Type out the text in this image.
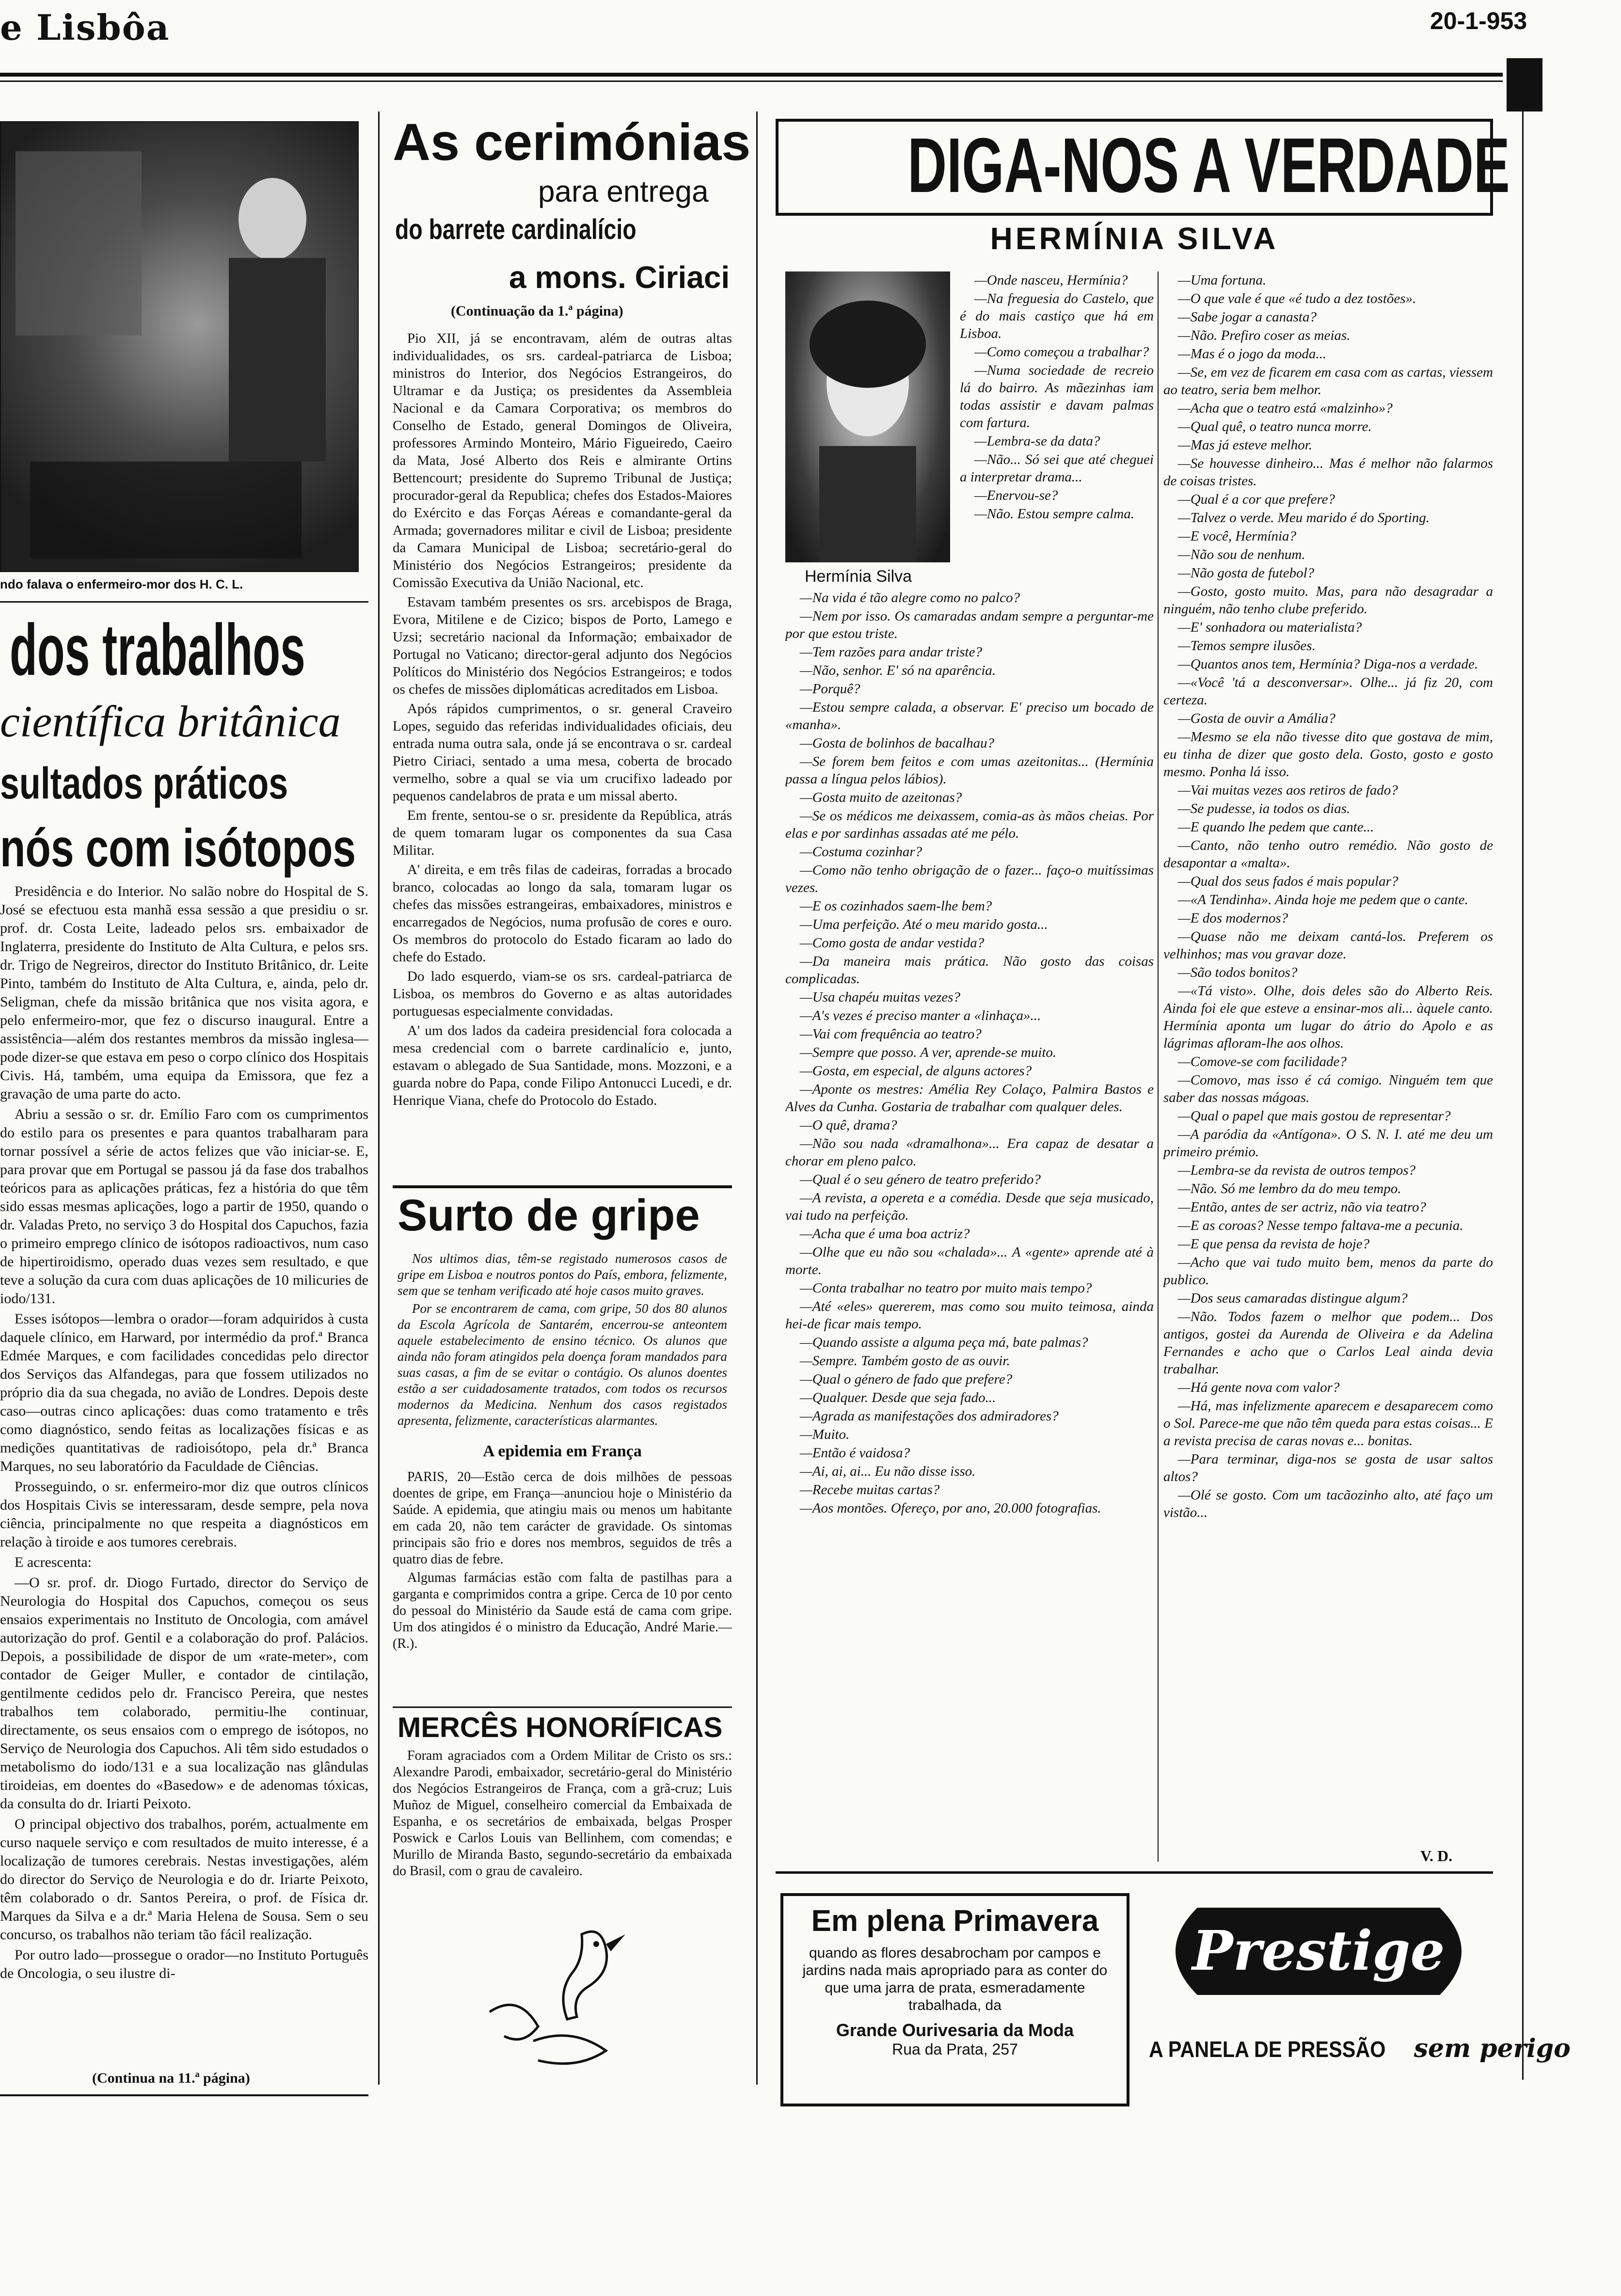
e Lisbôa	20-1-953
ndo falava o enfermeiro-mor dos H. C. L.
dos trabalhos
científica britânica
sultados práticos
nós com isótopos

Presidência e do Interior. No salão nobre do Hospital de S. José se efectuou esta manhã essa sessão a que presidiu o sr. prof. dr. Costa Leite, ladeado pelos srs. embaixador de Inglaterra, presidente do Instituto de Alta Cultura, e pelos srs. dr. Trigo de Negreiros, director do Instituto Britânico, dr. Leite Pinto, também do Instituto de Alta Cultura, e, ainda, pelo dr. Seligman, chefe da missão britânica que nos visita agora, e pelo enfermeiro-mor, que fez o discurso inaugural. Entre a assistência—além dos restantes membros da missão inglesa—pode dizer-se que estava em peso o corpo clínico dos Hospitais Civis. Há, também, uma equipa da Emissora, que fez a gravação de uma parte do acto.

Abriu a sessão o sr. dr. Emílio Faro com os cumprimentos do estilo para os presentes e para quantos trabalharam para tornar possível a série de actos felizes que vão iniciar-se. E, para provar que em Portugal se passou já da fase dos trabalhos teóricos para as aplicações práticas, fez a história do que têm sido essas mesmas aplicações, logo a partir de 1950, quando o dr. Valadas Preto, no serviço 3 do Hospital dos Capuchos, fazia o primeiro emprego clínico de isótopos radioactivos, num caso de hipertiroidismo, operado duas vezes sem resultado, e que teve a solução da cura com duas aplicações de 10 milicuries de iodo/131.

Esses isótopos—lembra o orador—foram adquiridos à custa daquele clínico, em Harward, por intermédio da prof.ª Branca Edmée Marques, e com facilidades concedidas pelo director dos Serviços das Alfandegas, para que fossem utilizados no próprio dia da sua chegada, no avião de Londres. Depois deste caso—outras cinco aplicações: duas como tratamento e três como diagnóstico, sendo feitas as localizações físicas e as medições quantitativas de radioisótopo, pela dr.ª Branca Marques, no seu laboratório da Faculdade de Ciências.

Prosseguindo, o sr. enfermeiro-mor diz que outros clínicos dos Hospitais Civis se interessaram, desde sempre, pela nova ciência, principalmente no que respeita a diagnósticos em relação à tiroide e aos tumores cerebrais.

E acrescenta:

—O sr. prof. dr. Diogo Furtado, director do Serviço de Neurologia do Hospital dos Capuchos, começou os seus ensaios experimentais no Instituto de Oncologia, com amável autorização do prof. Gentil e a colaboração do prof. Palácios. Depois, a possibilidade de dispor de um «rate-meter», com contador de Geiger Muller, e contador de cintilação, gentilmente cedidos pelo dr. Francisco Pereira, que nestes trabalhos tem colaborado, permitiu-lhe continuar, directamente, os seus ensaios com o emprego de isótopos, no Serviço de Neurologia dos Capuchos. Ali têm sido estudados o metabolismo do iodo/131 e a sua localização nas glândulas tiroideias, em doentes do «Basedow» e de adenomas tóxicas, da consulta do dr. Iriarti Peixoto.

O principal objectivo dos trabalhos, porém, actualmente em curso naquele serviço e com resultados de muito interesse, é a localização de tumores cerebrais. Nestas investigações, além do director do Serviço de Neurologia e do dr. Iriarte Peixoto, têm colaborado o dr. Santos Pereira, o prof. de Física dr. Marques da Silva e a dr.ª Maria Helena de Sousa. Sem o seu concurso, os trabalhos não teriam tão fácil realização.

Por outro lado—prossegue o orador—no Instituto Português de Oncologia, o seu ilustre di-

(Continua na 11.ª página)
As cerimónias
para entrega
do barrete cardinalício
a mons. Ciriaci
(Continuação da 1.ª página)

Pio XII, já se encontravam, além de outras altas individualidades, os srs. cardeal-patriarca de Lisboa; ministros do Interior, dos Negócios Estrangeiros, do Ultramar e da Justiça; os presidentes da Assembleia Nacional e da Camara Corporativa; os membros do Conselho de Estado, general Domingos de Oliveira, professores Armindo Monteiro, Mário Figueiredo, Caeiro da Mata, José Alberto dos Reis e almirante Ortins Bettencourt; presidente do Supremo Tribunal de Justiça; procurador-geral da Republica; chefes dos Estados-Maiores do Exército e das Forças Aéreas e comandante-geral da Armada; governadores militar e civil de Lisboa; presidente da Camara Municipal de Lisboa; secretário-geral do Ministério dos Negócios Estrangeiros; presidente da Comissão Executiva da União Nacional, etc.

Estavam também presentes os srs. arcebispos de Braga, Evora, Mitilene e de Cizico; bispos de Porto, Lamego e Uzsi; secretário nacional da Informação; embaixador de Portugal no Vaticano; director-geral adjunto dos Negócios Políticos do Ministério dos Negócios Estrangeiros; e todos os chefes de missões diplomáticas acreditados em Lisboa.

Após rápidos cumprimentos, o sr. general Craveiro Lopes, seguido das referidas individualidades oficiais, deu entrada numa outra sala, onde já se encontrava o sr. cardeal Pietro Ciriaci, sentado a uma mesa, coberta de brocado vermelho, sobre a qual se via um crucifixo ladeado por pequenos candelabros de prata e um missal aberto.

Em frente, sentou-se o sr. presidente da República, atrás de quem tomaram lugar os componentes da sua Casa Militar.

A' direita, e em três filas de cadeiras, forradas a brocado branco, colocadas ao longo da sala, tomaram lugar os chefes das missões estrangeiras, embaixadores, ministros e encarregados de Negócios, numa profusão de cores e ouro. Os membros do protocolo do Estado ficaram ao lado do chefe do Estado.

Do lado esquerdo, viam-se os srs. cardeal-patriarca de Lisboa, os membros do Governo e as altas autoridades portuguesas especialmente convidadas.

A' um dos lados da cadeira presidencial fora colocada a mesa credencial com o barrete cardinalício e, junto, estavam o ablegado de Sua Santidade, mons. Mozzoni, e a guarda nobre do Papa, conde Filipo Antonucci Lucedi, e dr. Henrique Viana, chefe do Protocolo do Estado.

Surto de gripe

Nos ultimos dias, têm-se registado numerosos casos de gripe em Lisboa e noutros pontos do País, embora, felizmente, sem que se tenham verificado até hoje casos muito graves.

Por se encontrarem de cama, com gripe, 50 dos 80 alunos da Escola Agrícola de Santarém, encerrou-se anteontem aquele estabelecimento de ensino técnico. Os alunos que ainda não foram atingidos pela doença foram mandados para suas casas, a fim de se evitar o contágio. Os alunos doentes estão a ser cuidadosamente tratados, com todos os recursos modernos da Medicina. Nenhum dos casos registados apresenta, felizmente, características alarmantes.

A epidemia em França

PARIS, 20—Estão cerca de dois milhões de pessoas doentes de gripe, em França—anunciou hoje o Ministério da Saúde. A epidemia, que atingiu mais ou menos um habitante em cada 20, não tem carácter de gravidade. Os sintomas principais são frio e dores nos membros, seguidos de três a quatro dias de febre.

Algumas farmácias estão com falta de pastilhas para a garganta e comprimidos contra a gripe. Cerca de 10 por cento do pessoal do Ministério da Saude está de cama com gripe. Um dos atingidos é o ministro da Educação, André Marie.—(R.).

MERCÊS HONORÍFICAS

Foram agraciados com a Ordem Militar de Cristo os srs.: Alexandre Parodi, embaixador, secretário-geral do Ministério dos Negócios Estrangeiros de França, com a grã-cruz; Luis Muñoz de Miguel, conselheiro comercial da Embaixada de Espanha, e os secretários de embaixada, belgas Prosper Poswick e Carlos Louis van Bellinhem, com comendas; e Murillo de Miranda Basto, segundo-secretário da embaixada do Brasil, com o grau de cavaleiro.

DIGA-NOS A VERDADE
HERMÍNIA SILVA
Hermínia Silva

—Onde nasceu, Hermínia?

—Na freguesia do Castelo, que é do mais castiço que há em Lisboa.

—Como começou a trabalhar?

—Numa sociedade de recreio lá do bairro. As mãezinhas iam todas assistir e davam palmas com fartura.

—Lembra-se da data?

—Não... Só sei que até cheguei a interpretar drama...

—Enervou-se?

—Não. Estou sempre calma.

—Na vida é tão alegre como no palco?

—Nem por isso. Os camaradas andam sempre a perguntar-me por que estou triste.

—Tem razões para andar triste?

—Não, senhor. E' só na aparência.

—Porquê?

—Estou sempre calada, a observar. E' preciso um bocado de «manha».

—Gosta de bolinhos de bacalhau?

—Se forem bem feitos e com umas azeitonitas... (Hermínia passa a língua pelos lábios).

—Gosta muito de azeitonas?

—Se os médicos me deixassem, comia-as às mãos cheias. Por elas e por sardinhas assadas até me pélo.

—Costuma cozinhar?

—Como não tenho obrigação de o fazer... faço-o muitíssimas vezes.

—E os cozinhados saem-lhe bem?

—Uma perfeição. Até o meu marido gosta...

—Como gosta de andar vestida?

—Da maneira mais prática. Não gosto das coisas complicadas.

—Usa chapéu muitas vezes?

—A's vezes é preciso manter a «linhaça»...

—Vai com frequência ao teatro?

—Sempre que posso. A ver, aprende-se muito.

—Gosta, em especial, de alguns actores?

—Aponte os mestres: Amélia Rey Colaço, Palmira Bastos e Alves da Cunha. Gostaria de trabalhar com qualquer deles.

—O quê, drama?

—Não sou nada «dramalhona»... Era capaz de desatar a chorar em pleno palco.

—Qual é o seu género de teatro preferido?

—A revista, a opereta e a comédia. Desde que seja musicado, vai tudo na perfeição.

—Acha que é uma boa actriz?

—Olhe que eu não sou «chalada»... A «gente» aprende até à morte.

—Conta trabalhar no teatro por muito mais tempo?

—Até «eles» quererem, mas como sou muito teimosa, ainda hei-de ficar mais tempo.

—Quando assiste a alguma peça má, bate palmas?

—Sempre. Também gosto de as ouvir.

—Qual o género de fado que prefere?

—Qualquer. Desde que seja fado...

—Agrada as manifestações dos admiradores?

—Muito.

—Então é vaidosa?

—Ai, ai, ai... Eu não disse isso.

—Recebe muitas cartas?

—Aos montões. Ofereço, por ano, 20.000 fotografias.

—Uma fortuna.

—O que vale é que «é tudo a dez tostões».

—Sabe jogar a canasta?

—Não. Prefiro coser as meias.

—Mas é o jogo da moda...

—Se, em vez de ficarem em casa com as cartas, viessem ao teatro, seria bem melhor.

—Acha que o teatro está «malzinho»?

—Qual quê, o teatro nunca morre.

—Mas já esteve melhor.

—Se houvesse dinheiro... Mas é melhor não falarmos de coisas tristes.

—Qual é a cor que prefere?

—Talvez o verde. Meu marido é do Sporting.

—E você, Hermínia?

—Não sou de nenhum.

—Não gosta de futebol?

—Gosto, gosto muito. Mas, para não desagradar a ninguém, não tenho clube preferido.

—E' sonhadora ou materialista?

—Temos sempre ilusões.

—Quantos anos tem, Hermínia? Diga-nos a verdade.

—«Você 'tá a desconversar». Olhe... já fiz 20, com certeza.

—Gosta de ouvir a Amália?

—Mesmo se ela não tivesse dito que gostava de mim, eu tinha de dizer que gosto dela. Gosto, gosto e gosto mesmo. Ponha lá isso.

—Vai muitas vezes aos retiros de fado?

—Se pudesse, ia todos os dias.

—E quando lhe pedem que cante...

—Canto, não tenho outro remédio. Não gosto de desapontar a «malta».

—Qual dos seus fados é mais popular?

—«A Tendinha». Ainda hoje me pedem que o cante.

—E dos modernos?

—Quase não me deixam cantá-los. Preferem os velhinhos; mas vou gravar doze.

—São todos bonitos?

—«Tá visto». Olhe, dois deles são do Alberto Reis. Ainda foi ele que esteve a ensinar-mos ali... àquele canto. Hermínia aponta um lugar do átrio do Apolo e as lágrimas afloram-lhe aos olhos.

—Comove-se com facilidade?

—Comovo, mas isso é cá comigo. Ninguém tem que saber das nossas mágoas.

—Qual o papel que mais gostou de representar?

—A paródia da «Antígona». O S. N. I. até me deu um primeiro prémio.

—Lembra-se da revista de outros tempos?

—Não. Só me lembro da do meu tempo.

—Então, antes de ser actriz, não via teatro?

—E as coroas? Nesse tempo faltava-me a pecunia.

—E que pensa da revista de hoje?

—Acho que vai tudo muito bem, menos da parte do publico.

—Dos seus camaradas distingue algum?

—Não. Todos fazem o melhor que podem... Dos antigos, gostei da Aurenda de Oliveira e da Adelina Fernandes e acho que o Carlos Leal ainda devia trabalhar.

—Há gente nova com valor?

—Há, mas infelizmente aparecem e desaparecem como o Sol. Parece-me que não têm queda para estas coisas... E a revista precisa de caras novas e... bonitas.

—Para terminar, diga-nos se gosta de usar saltos altos?

—Olé se gosto. Com um tacãozinho alto, até faço um vistão...

V. D.
Em plena Primavera
quando as flores desabrocham por campos e jardins nada mais apropriado para as conter do que uma jarra de prata, esmeradamente trabalhada, da
Grande Ourivesaria da Moda
Rua da Prata, 257
Prestige
A PANELA DE PRESSÃO sem perigo
